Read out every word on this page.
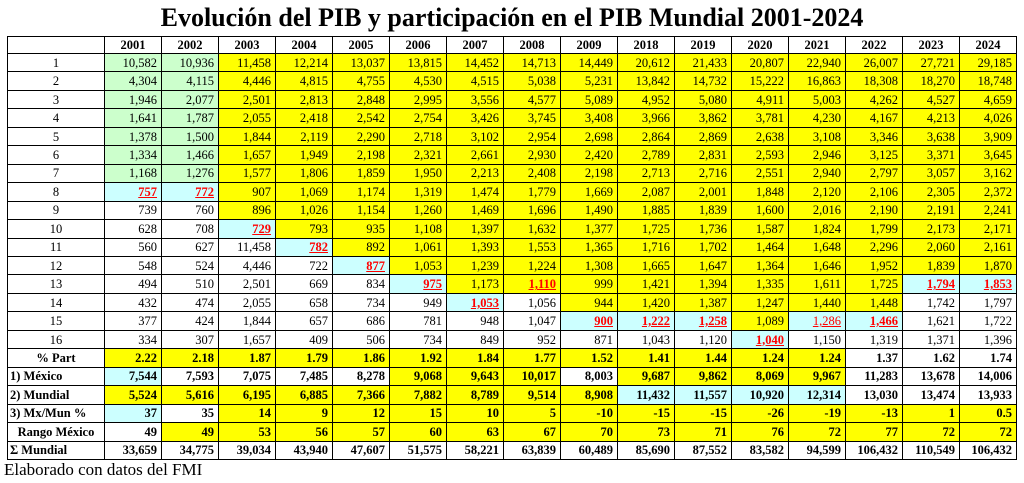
Evolución del PIB y participación en el PIB Mundial 2001-2024
	2001	2002	2003	2004	2005	2006	2007	2008	2009	2018	2019	2020	2021	2022	2023	2024
1	10,582	10,936	11,458	12,214	13,037	13,815	14,452	14,713	14,449	20,612	21,433	20,807	22,940	26,007	27,721	29,185
2	4,304	4,115	4,446	4,815	4,755	4,530	4,515	5,038	5,231	13,842	14,732	15,222	16,863	18,308	18,270	18,748
3	1,946	2,077	2,501	2,813	2,848	2,995	3,556	4,577	5,089	4,952	5,080	4,911	5,003	4,262	4,527	4,659
4	1,641	1,787	2,055	2,418	2,542	2,754	3,426	3,745	3,408	3,966	3,862	3,781	4,230	4,167	4,213	4,026
5	1,378	1,500	1,844	2,119	2,290	2,718	3,102	2,954	2,698	2,864	2,869	2,638	3,108	3,346	3,638	3,909
6	1,334	1,466	1,657	1,949	2,198	2,321	2,661	2,930	2,420	2,789	2,831	2,593	2,946	3,125	3,371	3,645
7	1,168	1,276	1,577	1,806	1,859	1,950	2,213	2,408	2,198	2,713	2,716	2,551	2,940	2,797	3,057	3,162
8	757	772	907	1,069	1,174	1,319	1,474	1,779	1,669	2,087	2,001	1,848	2,120	2,106	2,305	2,372
9	739	760	896	1,026	1,154	1,260	1,469	1,696	1,490	1,885	1,839	1,600	2,016	2,190	2,191	2,241
10	628	708	729	793	935	1,108	1,397	1,632	1,377	1,725	1,736	1,587	1,824	1,799	2,173	2,171
11	560	627	11,458	782	892	1,061	1,393	1,553	1,365	1,716	1,702	1,464	1,648	2,296	2,060	2,161
12	548	524	4,446	722	877	1,053	1,239	1,224	1,308	1,665	1,647	1,364	1,646	1,952	1,839	1,870
13	494	510	2,501	669	834	975	1,173	1,110	999	1,421	1,394	1,335	1,611	1,725	1,794	1,853
14	432	474	2,055	658	734	949	1,053	1,056	944	1,420	1,387	1,247	1,440	1,448	1,742	1,797
15	377	424	1,844	657	686	781	948	1,047	900	1,222	1,258	1,089	1,286	1,466	1,621	1,722
16	334	307	1,657	409	506	734	849	952	871	1,043	1,120	1,040	1,150	1,319	1,371	1,396
% Part	2.22	2.18	1.87	1.79	1.86	1.92	1.84	1.77	1.52	1.41	1.44	1.24	1.24	1.37	1.62	1.74
1) México	7,544	7,593	7,075	7,485	8,278	9,068	9,643	10,017	8,003	9,687	9,862	8,069	9,967	11,283	13,678	14,006
2) Mundial	5,524	5,616	6,195	6,885	7,366	7,882	8,789	9,514	8,908	11,432	11,557	10,920	12,314	13,030	13,474	13,933
3) Mx/Mun %	37	35	14	9	12	15	10	5	-10	-15	-15	-26	-19	-13	1	0.5
Rango México	49	49	53	56	57	60	63	67	70	73	71	76	72	77	72	72
Σ Mundial	33,659	34,775	39,034	43,940	47,607	51,575	58,221	63,839	60,489	85,690	87,552	83,582	94,599	106,432	110,549	106,432
Elaborado con datos del FMI
